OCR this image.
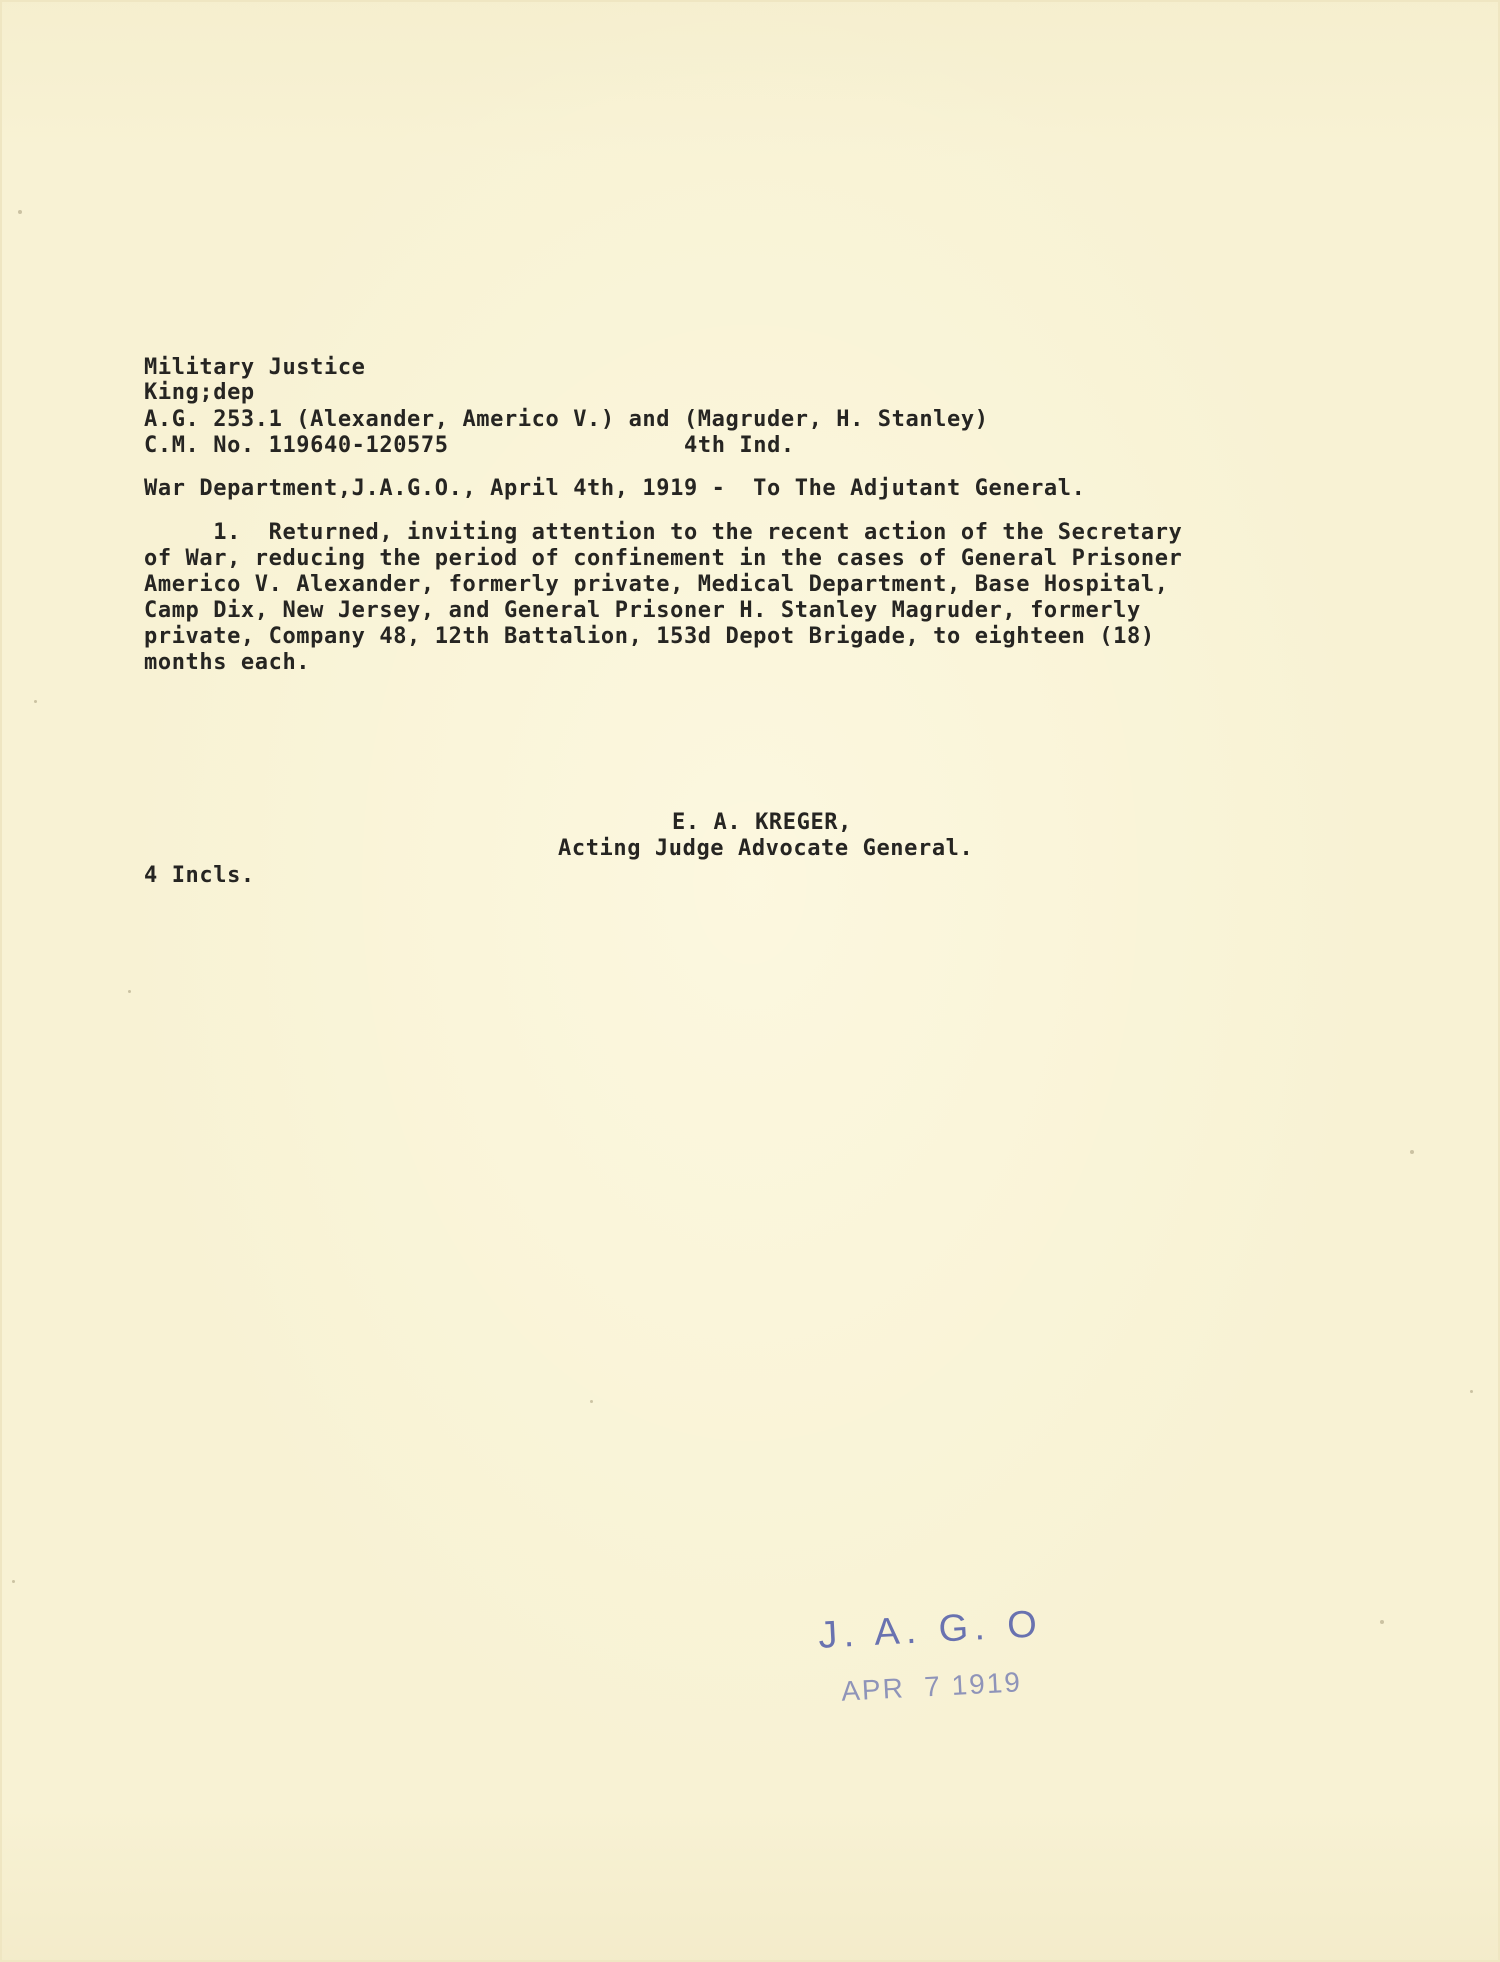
Military Justice

King;dep

A.G. 253.1 (Alexander, Americo V.) and (Magruder, H. Stanley)

C.M. No. 119640-120575

	4th Ind.

War Department,J.A.G.O., April 4th, 1919 -  To The Adjutant General.

1.  Returned, inviting attention to the recent action of the Secretary

of War, reducing the period of confinement in the cases of General Prisoner

Americo V. Alexander, formerly private, Medical Department, Base Hospital,

Camp Dix, New Jersey, and General Prisoner H. Stanley Magruder, formerly

private, Company 48, 12th Battalion, 153d Depot Brigade, to eighteen (18)

months each.

E. A. KREGER,
Acting Judge Advocate General.
4 Incls.
J. A. G. O
APR  7 1919
